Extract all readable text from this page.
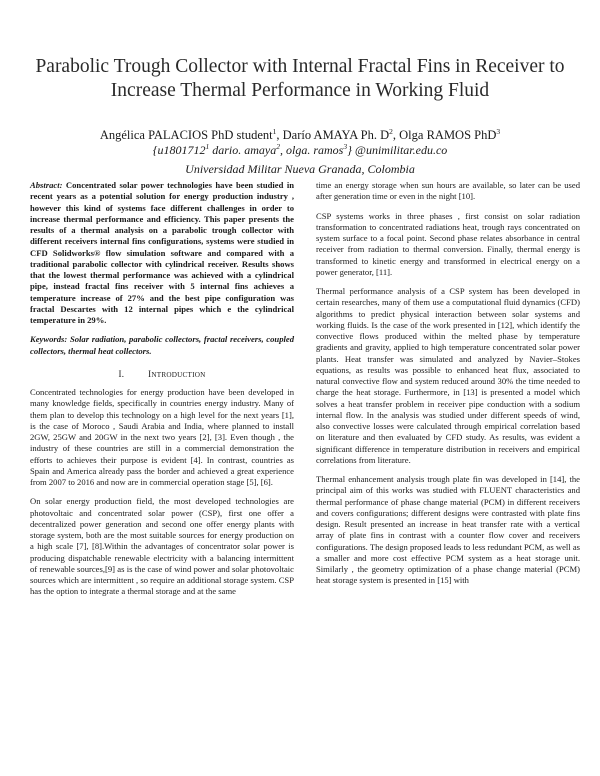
Parabolic Trough Collector with Internal Fractal Fins in Receiver to Increase Thermal Performance in Working Fluid
Angélica PALACIOS PhD student$^1$, Darío AMAYA Ph. $D^2$, Olga RAMOS PhD$^3$
{u1801712$^1$ dario. amaya$^2$, olga. ramos$^3$} @unimilitar.edu.co
Universidad Militar Nueva Granada, Colombia

Abstract: Concentrated solar power technologies have been studied in recent years as a potential solution for energy production industry , however this kind of systems face different challenges in order to increase thermal performance and efficiency. This paper presents the results of a thermal analysis on a parabolic trough collector with different receivers internal fins configurations, systems were studied in CFD Solidworks® flow simulation software and compared with a traditional parabolic collector with cylindrical receiver. Results shows that the lowest thermal performance was achieved with a cylindrical pipe, instead fractal fins receiver with 5 internal fins achieves a temperature increase of 27% and the best pipe configuration was fractal Descartes with 12 internal pipes which e the cylindrical temperature in 29%.

Keywords: Solar radiation, parabolic collectors, fractal receivers, coupled collectors, thermal heat collectors.

I.	INTRODUCTION

Concentrated technologies for energy production have been developed in many knowledge fields, specifically in countries energy industry. Many of them plan to develop this technology on a high level for the next years [1], is the case of Moroco , Saudi Arabia and India, where planned to install 2GW, 25GW and 20GW in the next two years [2], [3]. Even though , the industry of these countries are still in a commercial demonstration the efforts to achieves their purpose is evident [4]. In contrast, countries as Spain and America already pass the border and achieved a great experience from 2007 to 2016 and now are in commercial operation stage [5], [6].

On solar energy production field, the most developed technologies are photovoltaic and concentrated solar power (CSP), first one offer a decentralized power generation and second one offer energy plants with storage system, both are the most suitable sources for energy production on a high scale [7], [8].Within the advantages of concentrator solar power is producing dispatchable renewable electricity with a balancing intermittent of renewable sources,[9] as is the case of wind power and solar photovoltaic sources which are intermittent , so require an additional storage system. CSP has the option to integrate a thermal storage and at the same

time an energy storage when sun hours are available, so later can be used after generation time or even in the night [10].

CSP systems works in three phases , first consist on solar radiation transformation to concentrated radiations heat, trough rays concentrated on system surface to a focal point. Second phase relates absorbance in central receiver from radiation to thermal conversion. Finally, thermal energy is transformed to kinetic energy and transformed in electrical energy on a power generator, [11].

Thermal performance analysis of a CSP system has been developed in certain researches, many of them use a computational fluid dynamics (CFD) algorithms to predict physical interaction between solar systems and working fluids. Is the case of the work presented in [12], which identify the convective flows produced within the melted phase by temperature gradients and gravity, applied to high temperature concentrated solar power plants. Heat transfer was simulated and analyzed by Navier–Stokes equations, as results was possible to enhanced heat flux, associated to natural convective flow and system reduced around 30% the time needed to charge the heat storage. Furthermore, in [13] is presented a model which solves a heat transfer problem in receiver pipe conduction with a sodium internal flow. In the analysis was studied under different speeds of wind, also convective losses were calculated through empirical correlation based on literature and then evaluated by CFD study. As results, was evident a significant difference in temperature distribution in receivers and empirical correlations from literature.

Thermal enhancement analysis trough plate fin was developed in [14], the principal aim of this works was studied with FLUENT characteristics and thermal performance of phase change material (PCM) in different receivers and covers configurations; different designs were contrasted with plate fins design. Result presented an increase in heat transfer rate with a vertical array of plate fins in contrast with a counter flow cover and receivers configurations. The design proposed leads to less redundant PCM, as well as a smaller and more cost effective PCM system as a heat storage unit. Similarly , the geometry optimization of a phase change material (PCM) heat storage system is presented in [15] with
